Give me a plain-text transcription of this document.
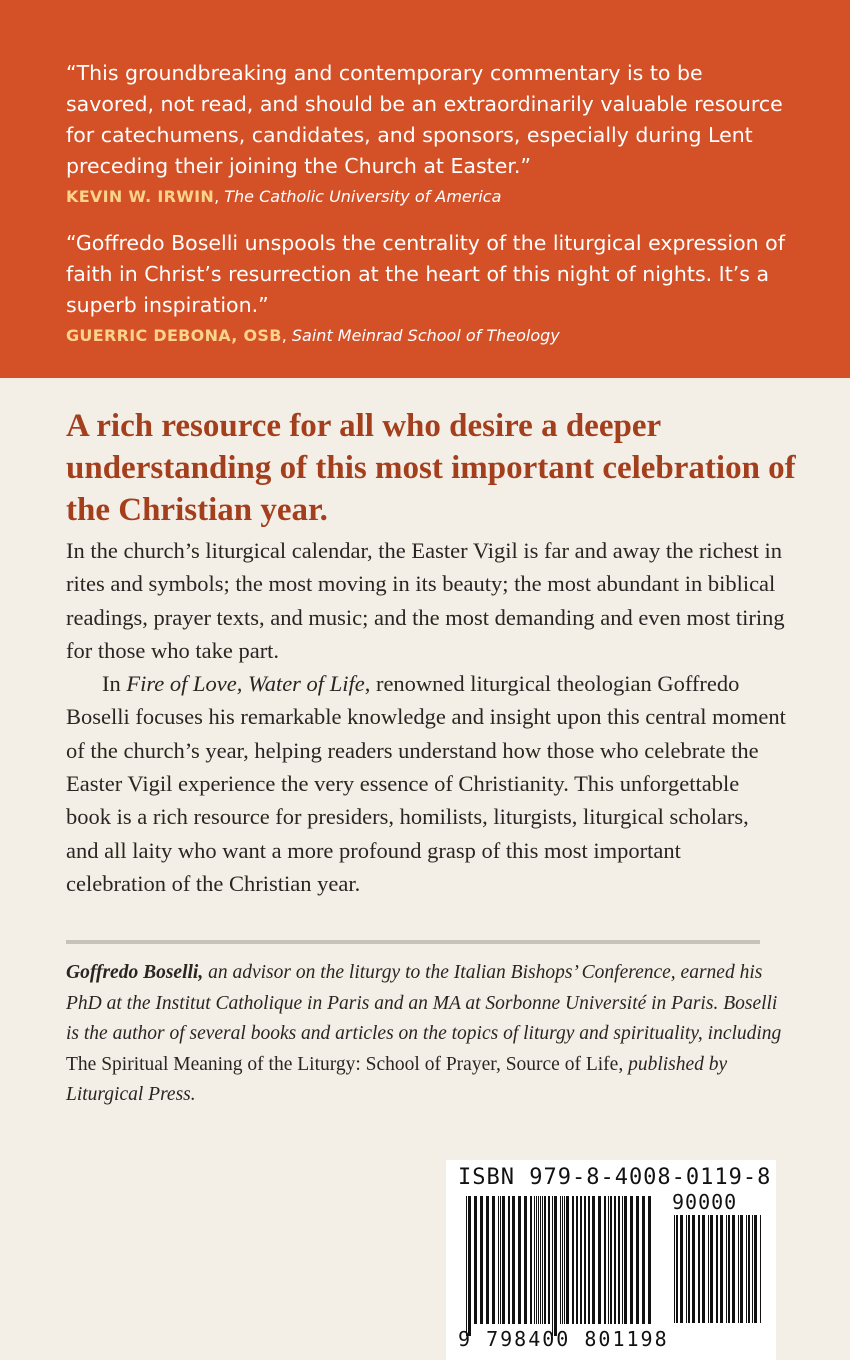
“This groundbreaking and contemporary commentary is to be savored, not read, and should be an extraordinarily valuable resource for catechumens, candidates, and sponsors, especially during Lent preceding their joining the Church at Easter.”
KEVIN W. IRWIN, The Catholic University of America
“Goffredo Boselli unspools the centrality of the liturgical expression of faith in Christ’s resurrection at the heart of this night of nights. It’s a superb inspiration.”
GUERRIC DEBONA, OSB, Saint Meinrad School of Theology
A rich resource for all who desire a deeper understanding of this most important celebration of the Christian year.

In the church’s liturgical calendar, the Easter Vigil is far and away the richest in rites and symbols; the most moving in its beauty; the most abundant in biblical readings, prayer texts, and music; and the most demanding and even most tiring for those who take part.

In Fire of Love, Water of Life, renowned liturgical theologian Goffredo Boselli focuses his remarkable knowledge and insight upon this central moment of the church’s year, helping readers understand how those who celebrate the Easter Vigil experience the very essence of Christianity. This unforgettable book is a rich resource for presiders, homilists, liturgists, liturgical scholars, and all laity who want a more profound grasp of this most important celebration of the Christian year.

Goffredo Boselli, an advisor on the liturgy to the Italian Bishops’ Conference, earned his PhD at the Institut Catholique in Paris and an MA at Sorbonne Université in Paris. Boselli is the author of several books and articles on the topics of liturgy and spirituality, including The Spiritual Meaning of the Liturgy: School of Prayer, Source of Life, published by Liturgical Press.
ISBN 979-8-4008-0119-8
90000
9 798400 801198
